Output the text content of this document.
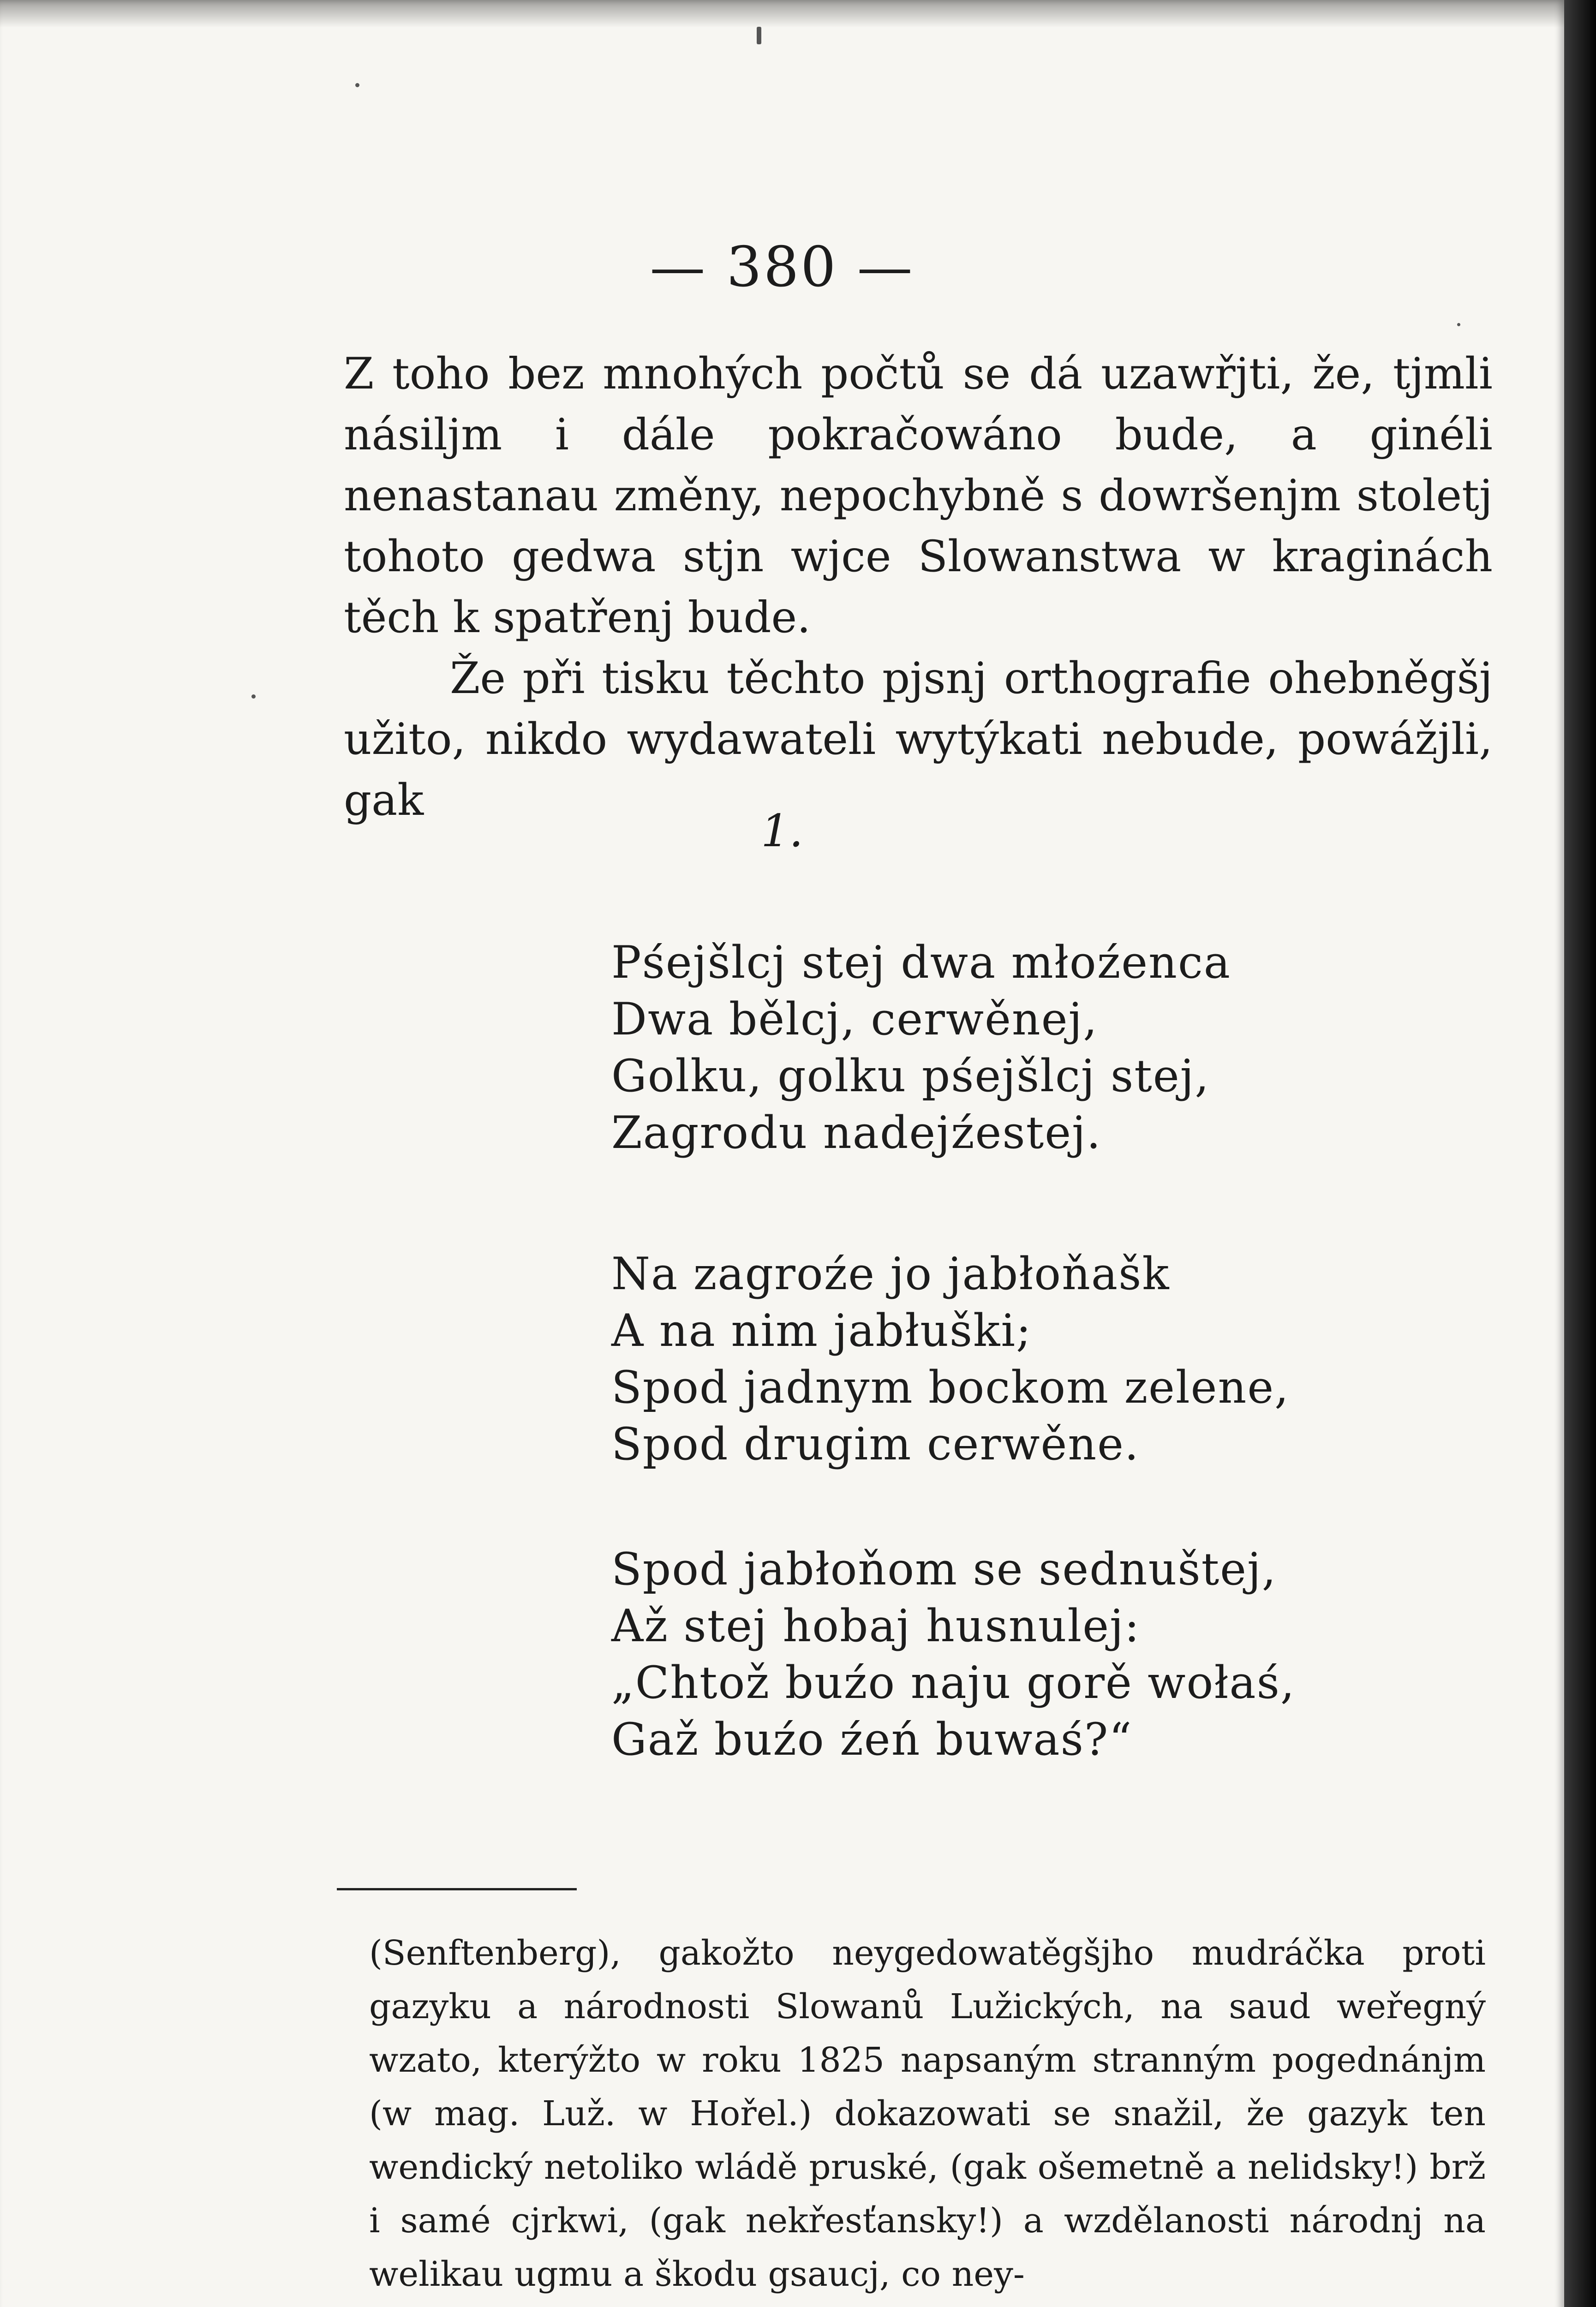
— 380 —

Z toho bez mnohých počtů se dá uzawřjti, že, tjmli násiljm i dále pokračowáno bude, a ginéli nenastanau změny, nepochybně s dowršenjm stoletj tohoto gedwa stjn wjce Slowanstwa w kraginách těch k spatřenj bude.

Že při tisku těchto pjsnj orthografie ohebněgšj užito, nikdo wydawateli wytýkati nebude, powážjli, gak

1.
Pśejšlcj stej dwa młoźenca
Dwa bělcj, cerwěnej,
Golku, golku pśejšlcj stej,
Zagrodu nadejźestej.
Na zagroźe jo jabłoňašk
A na nim jabłuški;
Spod jadnym bockom zelene,
Spod drugim cerwěne.
Spod jabłoňom se sednuštej,
Až stej hobaj husnulej:
„Chtož buźo naju gorě wołaś,
Gaž buźo źeń buwaś?“

(Senftenberg), gakožto neygedowatěgšjho mudráčka proti gazyku a národnosti Slowanů Lužických, na saud weřegný wzato, kterýžto w roku 1825 napsaným stranným pogednánjm (w mag. Luž. w Hořel.) dokazowati se snažil, že gazyk ten wendický netoliko wládě pruské, (gak ošemetně a nelidsky!) brž i samé cjrkwi, (gak nekřesťansky!) a wzdělanosti národnj na welikau ugmu a škodu gsaucj, co ney-
